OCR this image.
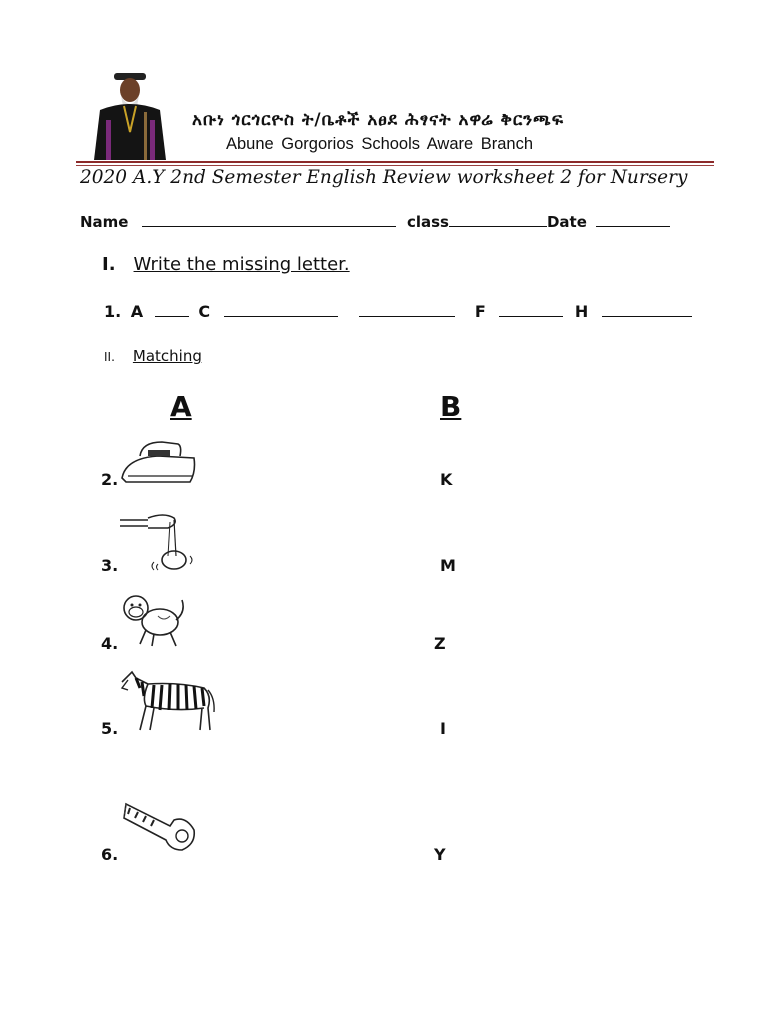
አቡነ ጎርጎርዮስ ት/ቤቶች አፀደ ሕፃናት አዋሬ ቅርንጫፍ
Abune Gorgorios Schools Aware Branch
2020 A.Y 2nd Semester English Review worksheet 2 for Nursery
Name	class	Date
I. Write the missing letter.
1. A	C	F	H
II. Matching
A	B
2.	K
3.	M
4.	Z
5.	I
6.	Y
